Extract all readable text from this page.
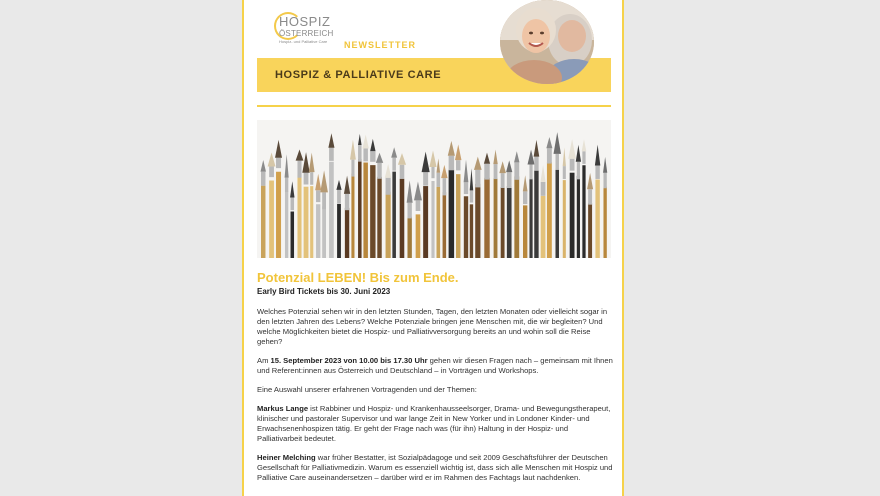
HOSPIZ
ÖSTERREICH
Hospiz- und Palliative Care NEWSLETTER
HOSPIZ & PALLIATIVE CARE
Potenzial LEBEN! Bis zum Ende.
Early Bird Tickets bis 30. Juni 2023

Welches Potenzial sehen wir in den letzten Stunden, Tagen, den letzten Monaten oder vielleicht sogar in den letzten Jahren des Lebens? Welche Potenziale bringen jene Menschen mit, die wir begleiten? Und welche Möglichkeiten bietet die Hospiz- und Palliativversorgung bereits an und wohin soll die Reise gehen?

Am 15. September 2023 von 10.00 bis 17.30 Uhr gehen wir diesen Fragen nach – gemeinsam mit Ihnen und Referent:innen aus Österreich und Deutschland – in Vorträgen und Workshops.

Eine Auswahl unserer erfahrenen Vortragenden und der Themen:

Markus Lange ist Rabbiner und Hospiz- und Krankenhausseelsorger, Drama- und Bewegungstherapeut, klinischer und pastoraler Supervisor und war lange Zeit in New Yorker und in Londoner Kinder- und Erwachsenenhospizen tätig. Er geht der Frage nach was (für ihn) Haltung in der Hospiz- und Palliativarbeit bedeutet.

Heiner Melching war früher Bestatter, ist Sozialpädagoge und seit 2009 Geschäftsführer der Deutschen Gesellschaft für Palliativmedizin. Warum es essenziell wichtig ist, dass sich alle Menschen mit Hospiz und Palliative Care auseinandersetzen – darüber wird er im Rahmen des Fachtags laut nachdenken.
